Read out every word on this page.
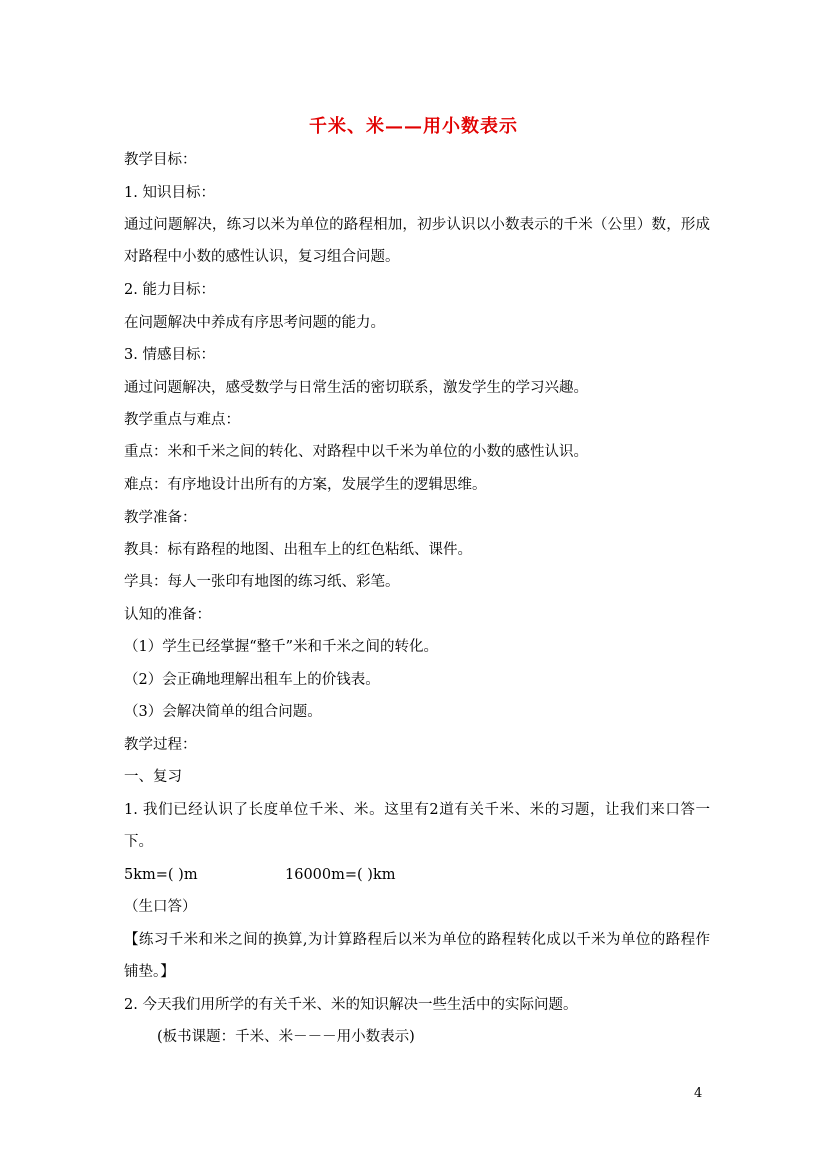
千米、米——用小数表示
教学目标：
1. 知识目标：
通过问题解决，练习以米为单位的路程相加，初步认识以小数表示的千米（公里）数，形成
对路程中小数的感性认识，复习组合问题。
2. 能力目标：
在问题解决中养成有序思考问题的能力。
3. 情感目标：
通过问题解决，感受数学与日常生活的密切联系，激发学生的学习兴趣。
教学重点与难点：
重点：米和千米之间的转化、对路程中以千米为单位的小数的感性认识。
难点：有序地设计出所有的方案，发展学生的逻辑思维。
教学准备：
教具：标有路程的地图、出租车上的红色粘纸、课件。
学具：每人一张印有地图的练习纸、彩笔。
认知的准备：
（1）学生已经掌握“整千”米和千米之间的转化。
（2）会正确地理解出租车上的价钱表。
（3）会解决简单的组合问题。
教学过程：
一、复习
1. 我们已经认识了长度单位千米、米。这里有2道有关千米、米的习题，让我们来口答一
下。
5km=( )m	16000m=( )km
（生口答）
【练习千米和米之间的换算,为计算路程后以米为单位的路程转化成以千米为单位的路程作
铺垫。】
2. 今天我们用所学的有关千米、米的知识解决一些生活中的实际问题。
(板书课题：千米、米－－－用小数表示)
4
